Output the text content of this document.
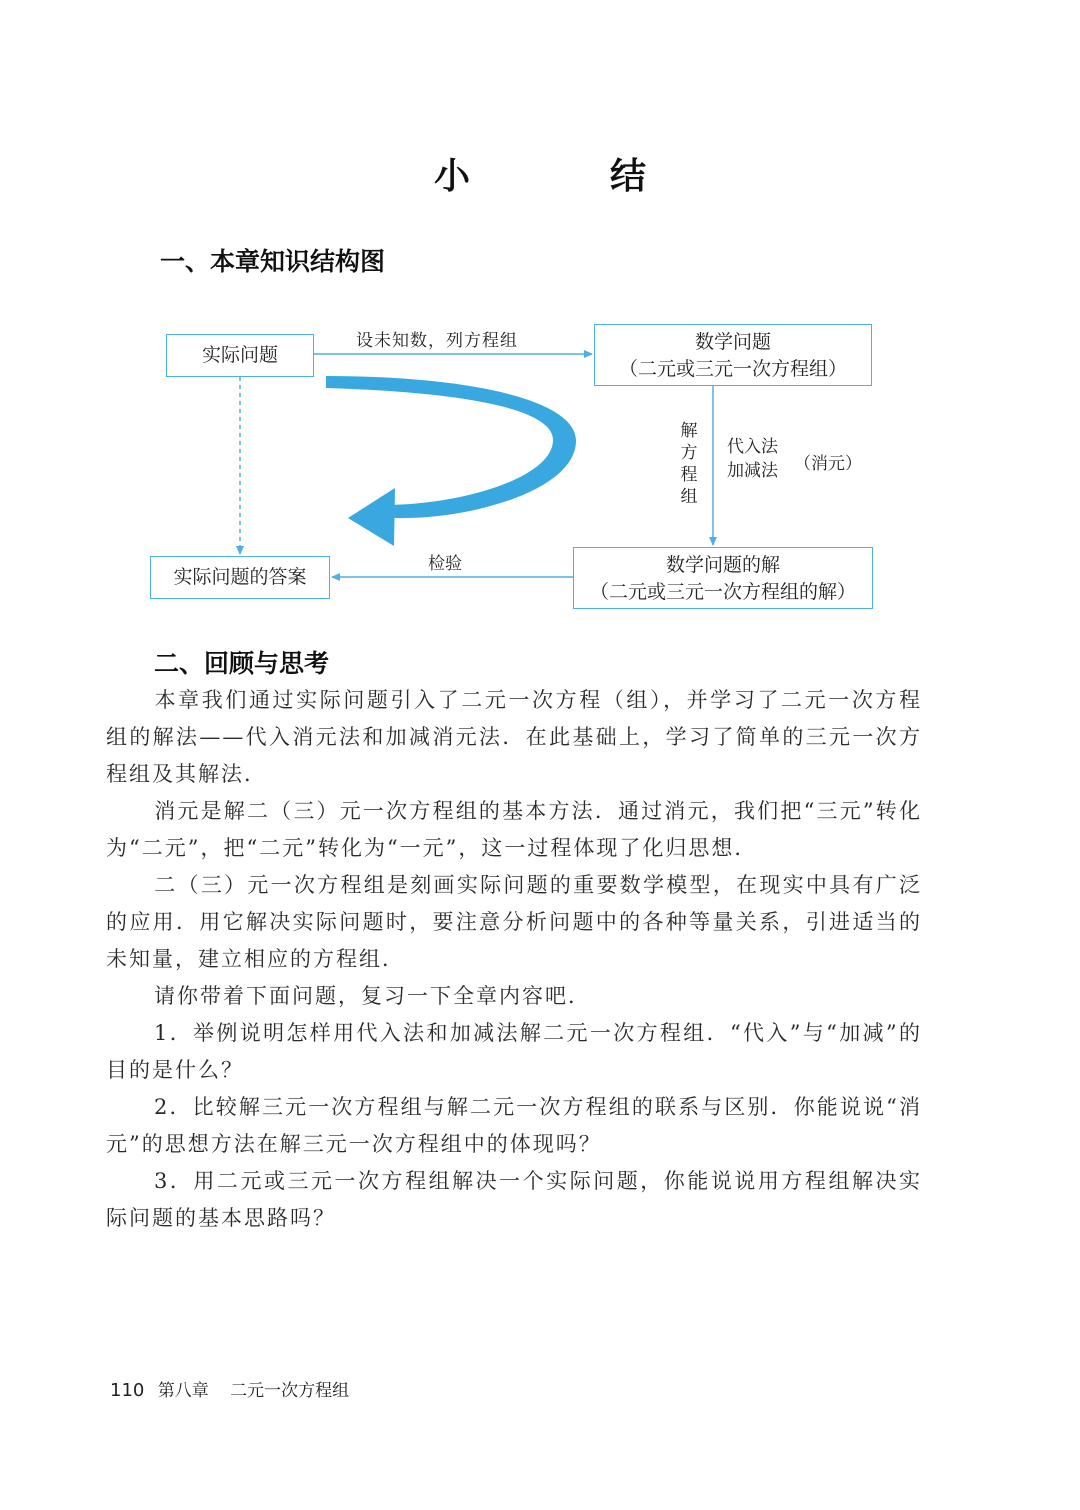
小　结
一、本章知识结构图
实际问题
数学问题
（二元或三元一次方程组）
实际问题的答案
数学问题的解
（二元或三元一次方程组的解）
设未知数，列方程组
检验
解方程组
代入法
加减法 （消元）
二、回顾与思考
本章我们通过实际问题引入了二元一次方程（组），并学习了二元一次方程组的解法——代入消元法和加减消元法．在此基础上，学习了简单的三元一次方程组及其解法．
消元是解二（三）元一次方程组的基本方法．通过消元，我们把“三元”转化为“二元”，把“二元”转化为“一元”，这一过程体现了化归思想．
二（三）元一次方程组是刻画实际问题的重要数学模型，在现实中具有广泛的应用．用它解决实际问题时，要注意分析问题中的各种等量关系，引进适当的未知量，建立相应的方程组．
请你带着下面问题，复习一下全章内容吧．
1．举例说明怎样用代入法和加减法解二元一次方程组．“代入”与“加减”的目的是什么？
2．比较解三元一次方程组与解二元一次方程组的联系与区别．你能说说“消元”的思想方法在解三元一次方程组中的体现吗？
3．用二元或三元一次方程组解决一个实际问题，你能说说用方程组解决实际问题的基本思路吗？
110 第八章 二元一次方程组
